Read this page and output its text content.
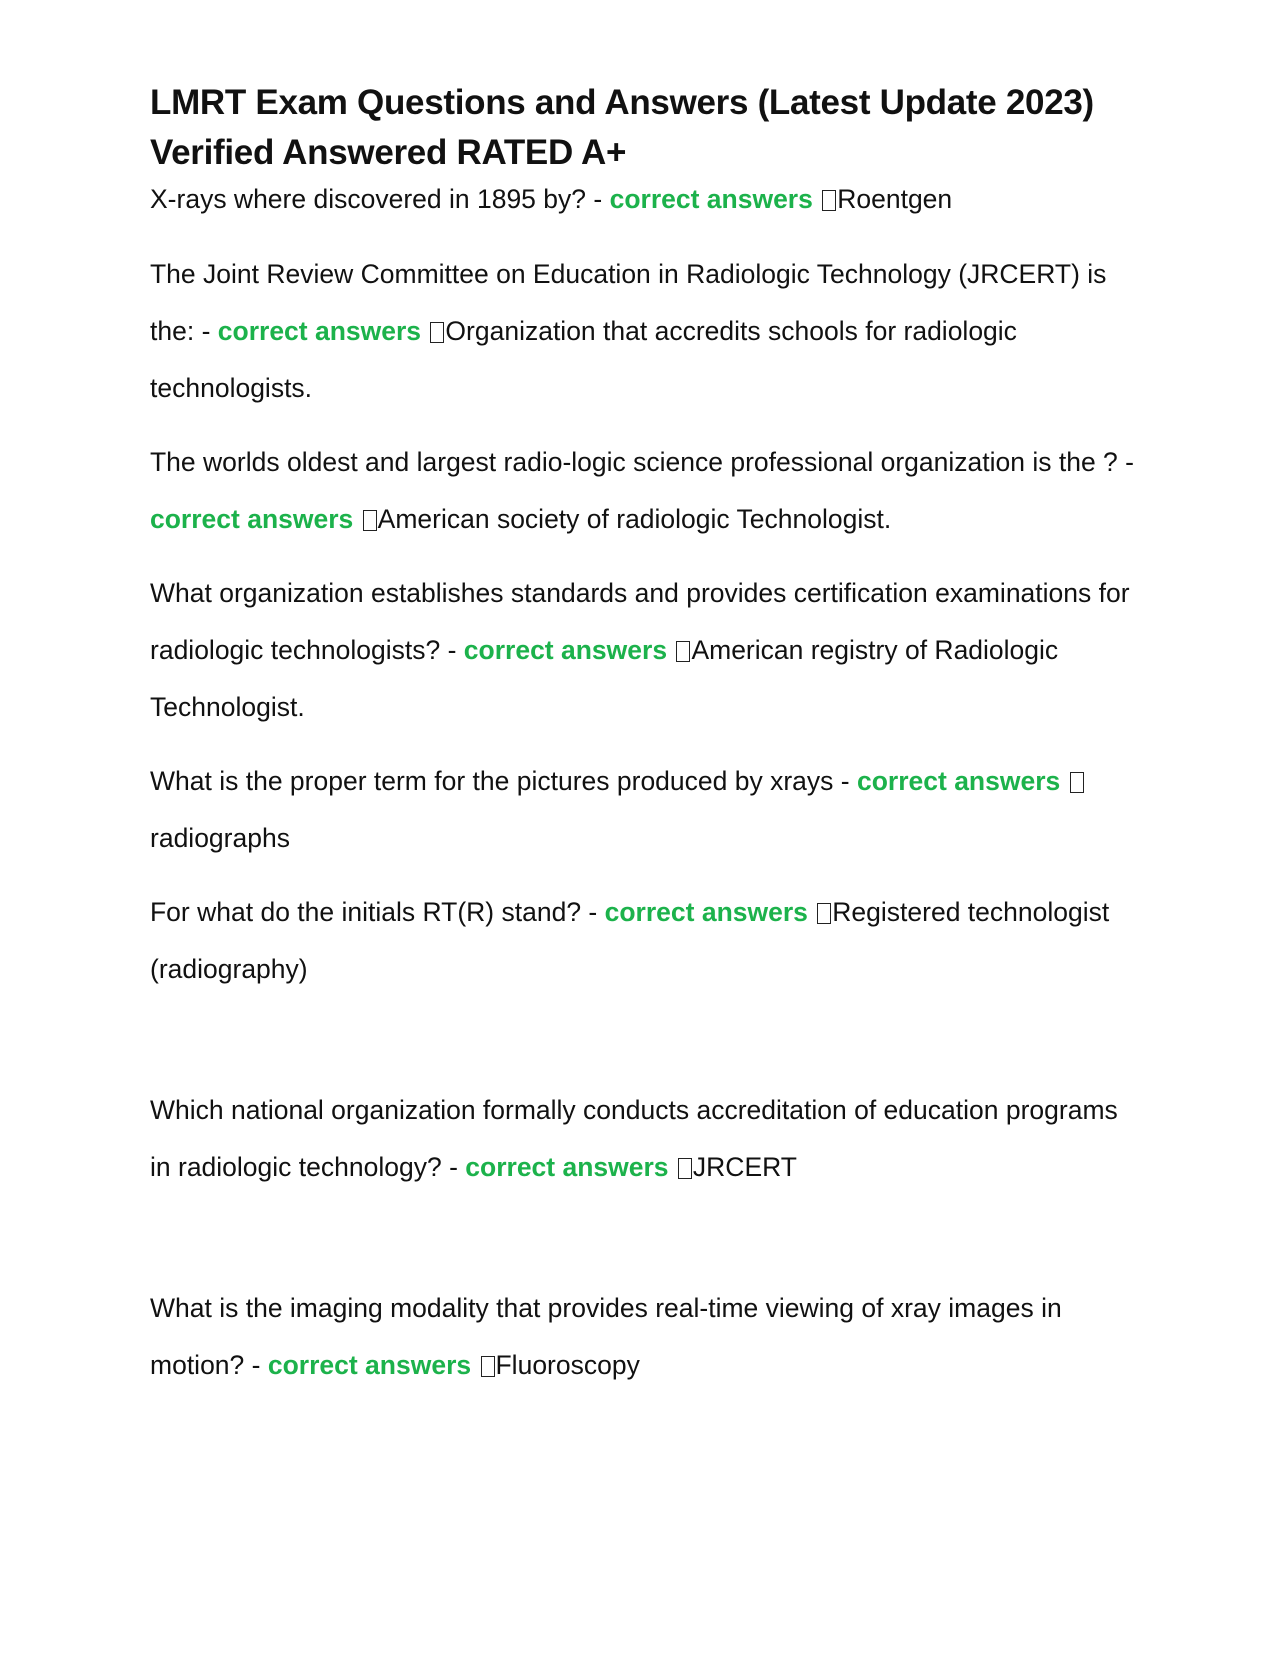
LMRT Exam Questions and Answers (Latest Update 2023) Verified Answered RATED A+

X-rays where discovered in 1895 by? - correct answers Roentgen

The Joint Review Committee on Education in Radiologic Technology (JRCERT) is the: - correct answers Organization that accredits schools for radiologic technologists.

The worlds oldest and largest radio-logic science professional organization is the ? - correct answers American society of radiologic Technologist.

What organization establishes standards and provides certification examinations for radiologic technologists? - correct answers American registry of Radiologic Technologist.

What is the proper term for the pictures produced by xrays - correct answers radiographs

For what do the initials RT(R) stand? - correct answers Registered technologist (radiography)

Which national organization formally conducts accreditation of education programs in radiologic technology? - correct answers JRCERT

What is the imaging modality that provides real-time viewing of xray images in motion? - correct answers Fluoroscopy
